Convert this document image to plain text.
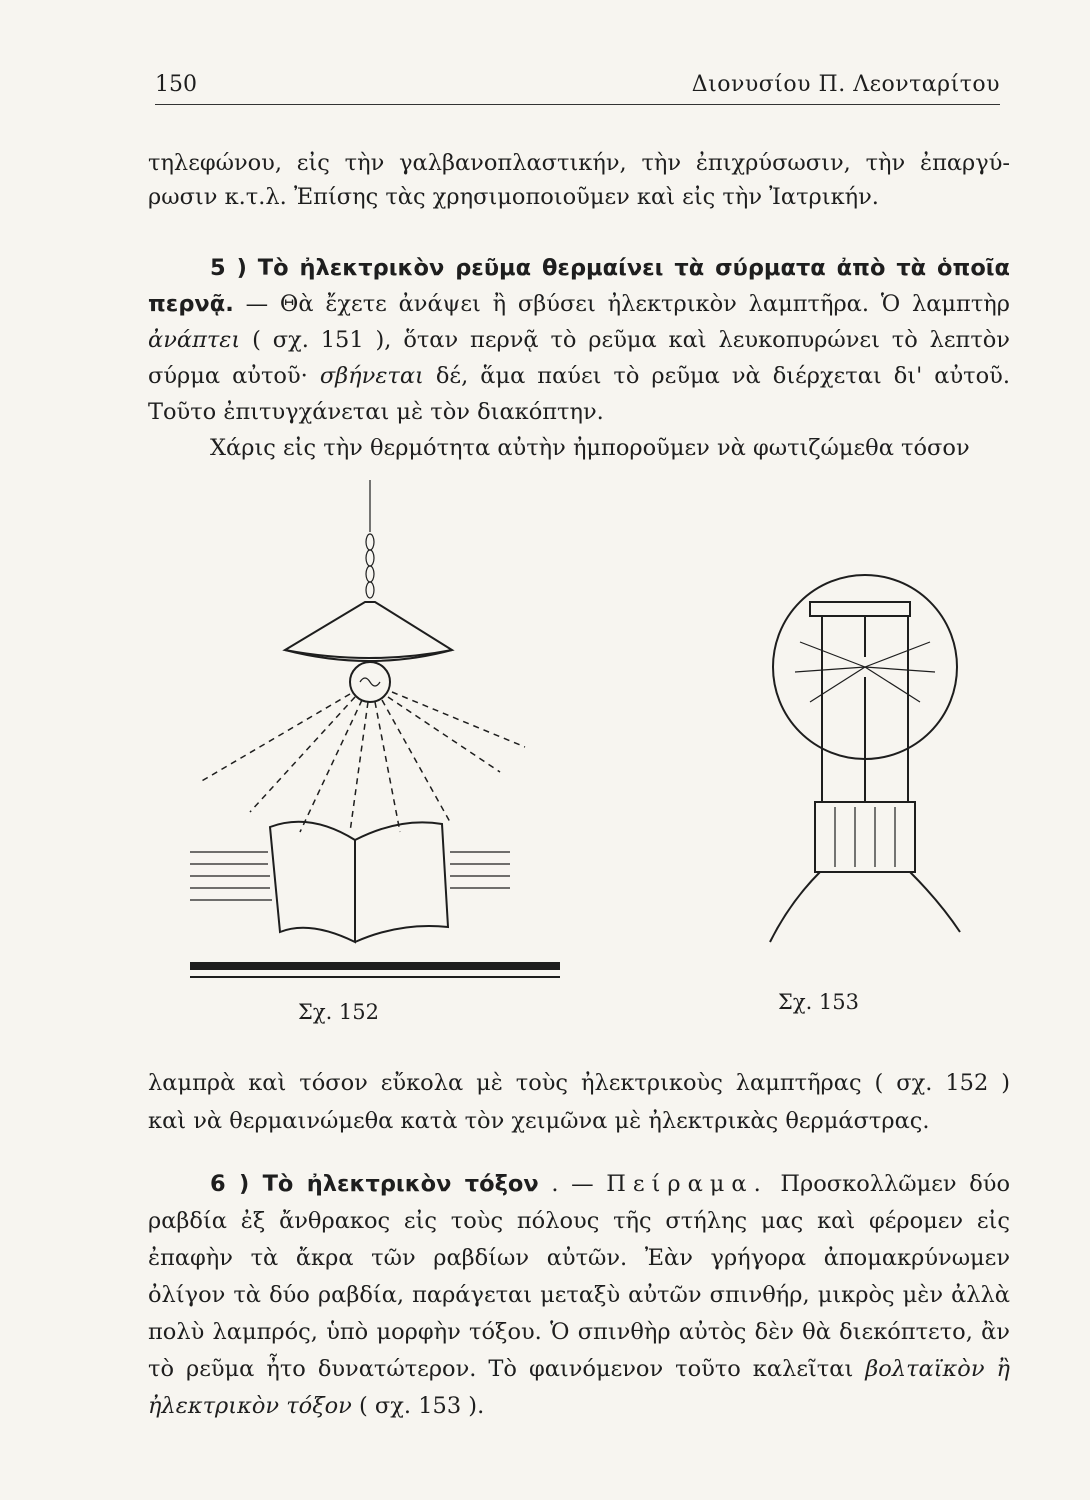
150	Διονυσίου Π. Λεονταρίτου

τηλεφώνου, εἰς τὴν γαλβανοπλαστικήν, τὴν ἐπιχρύσωσιν, τὴν ἐπαργύ-

ρωσιν κ.τ.λ. Ἐπίσης τὰς χρησιμοποιοῦμεν καὶ εἰς τὴν Ἰατρικήν.

5 ) Τὸ ἠλεκτρικὸν ρεῦμα θερμαίνει τὰ σύρματα ἀπὸ τὰ ὁποῖα περνᾷ. — Θὰ ἔχετε ἀνάψει ἢ σβύσει ἠλεκτρικὸν λαμπτῆρα. Ὁ λαμπτὴρ ἀνάπτει ( σχ. 151 ), ὅταν περνᾷ τὸ ρεῦμα καὶ λευκοπυρώνει τὸ λεπτὸν σύρμα αὐτοῦ· σβήνεται δέ, ἅμα παύει τὸ ρεῦμα νὰ διέρχεται δι' αὐτοῦ. Τοῦτο ἐπιτυγχάνεται μὲ τὸν διακόπτην.

Χάρις εἰς τὴν θερμότητα αὐτὴν ἠμποροῦμεν νὰ φωτιζώμεθα τόσον

Σχ. 152	Σχ. 153

λαμπρὰ καὶ τόσον εὔκολα μὲ τοὺς ἠλεκτρικοὺς λαμπτῆρας ( σχ. 152 )

καὶ νὰ θερμαινώμεθα κατὰ τὸν χειμῶνα μὲ ἠλεκτρικὰς θερμάστρας.

6 ) Τὸ ἠλεκτρικὸν τόξον . — Πείραμα. Προσκολλῶμεν δύο ραβδία ἐξ ἄνθρακος εἰς τοὺς πόλους τῆς στήλης μας καὶ φέρομεν εἰς ἐπαφὴν τὰ ἄκρα τῶν ραβδίων αὐτῶν. Ἐὰν γρήγορα ἀπομακρύνωμεν ὀλίγον τὰ δύο ραβδία, παράγεται μεταξὺ αὐτῶν σπινθήρ, μικρὸς μὲν ἀλλὰ πολὺ λαμπρός, ὑπὸ μορφὴν τόξου. Ὁ σπινθὴρ αὐτὸς δὲν θὰ διεκόπτετο, ἂν τὸ ρεῦμα ἦτο δυνατώτερον. Τὸ φαινόμενον τοῦτο καλεῖται βολταϊκὸν ἢ ἠλεκτρικὸν τόξον ( σχ. 153 ).
